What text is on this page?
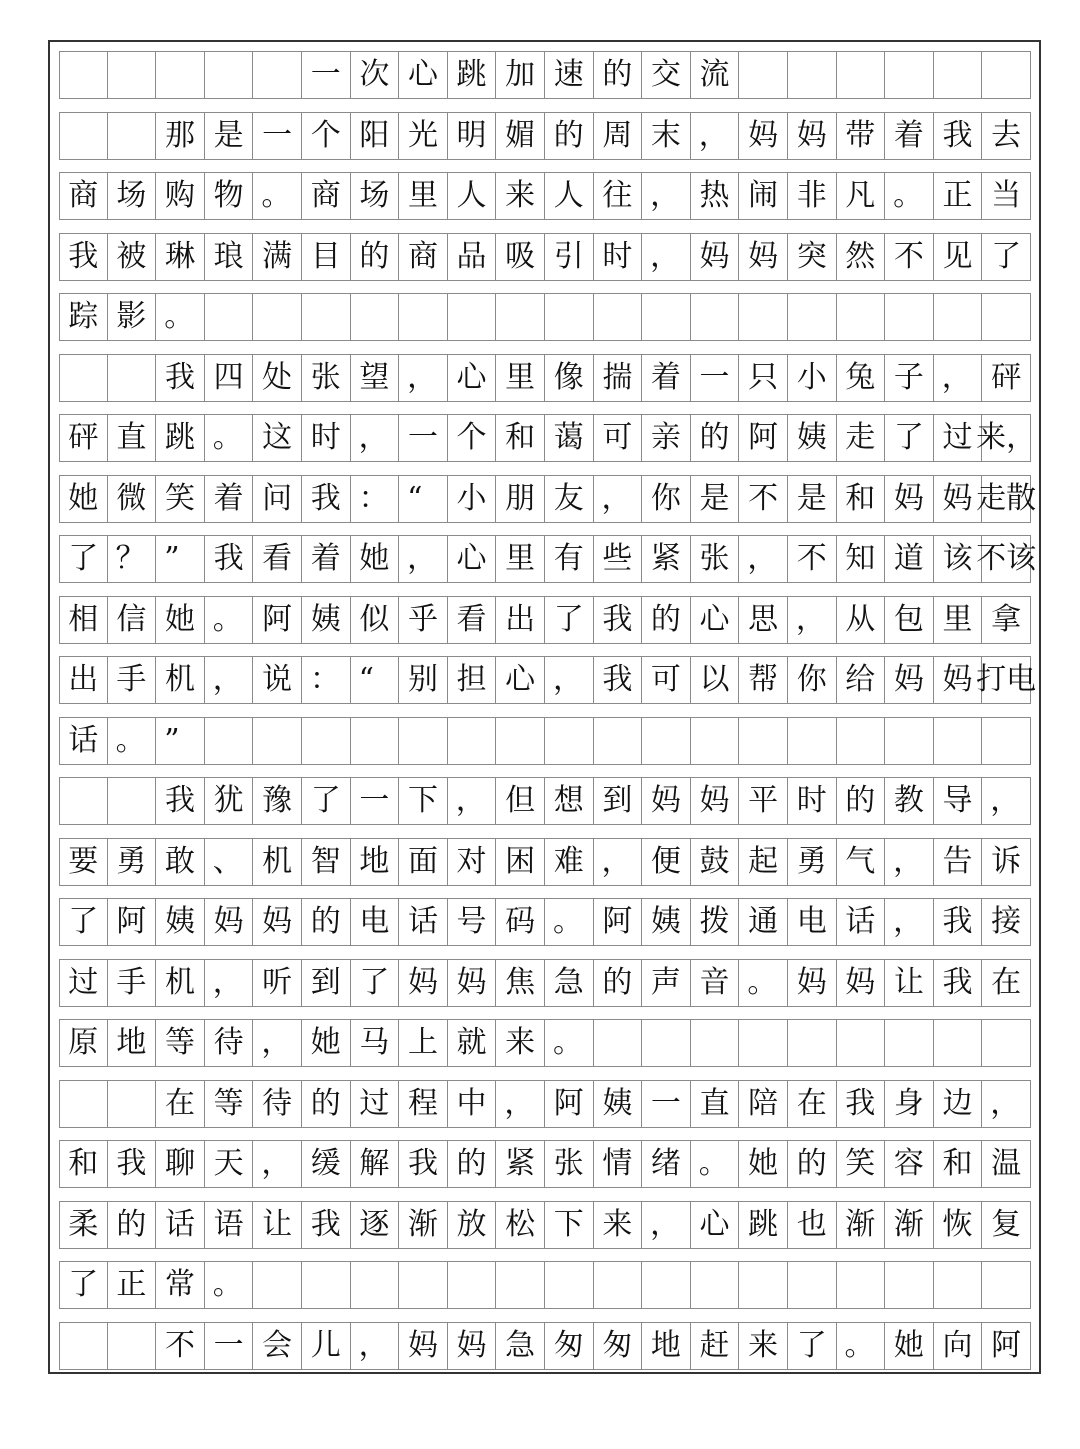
一 次 心 跳 加 速 的 交 流
那 是 一 个 阳 光 明 媚 的 周 末 ， 妈 妈 带 着 我 去
商 场 购 物 。 商 场 里 人 来 人 往 ， 热 闹 非 凡 。 正 当
我 被 琳 琅 满 目 的 商 品 吸 引 时 ， 妈 妈 突 然 不 见 了
踪 影 。
我 四 处 张 望 ， 心 里 像 揣 着 一 只 小 兔 子 ， 砰
砰 直 跳 。 这 时 ， 一 个 和 蔼 可 亲 的 阿 姨 走 了 过 来，
她 微 笑 着 问 我 ： “	小 朋 友 ， 你 是 不 是 和 妈 妈 走散
了 ？ ”	我 看 着 她 ， 心 里 有 些 紧 张 ， 不 知 道 该 不该
相 信 她 。 阿 姨 似 乎 看 出 了 我 的 心 思 ， 从 包 里 拿
出 手 机 ， 说 ： “	别 担 心 ， 我 可 以 帮 你 给 妈 妈 打电
话 。 ”
我 犹 豫 了 一 下 ， 但 想 到 妈 妈 平 时 的 教 导 ，
要 勇 敢 、 机 智 地 面 对 困 难 ， 便 鼓 起 勇 气 ， 告 诉
了 阿 姨 妈 妈 的 电 话 号 码 。 阿 姨 拨 通 电 话 ， 我 接
过 手 机 ， 听 到 了 妈 妈 焦 急 的 声 音 。 妈 妈 让 我 在
原 地 等 待 ， 她 马 上 就 来 。
在 等 待 的 过 程 中 ， 阿 姨 一 直 陪 在 我 身 边 ，
和 我 聊 天 ， 缓 解 我 的 紧 张 情 绪 。 她 的 笑 容 和 温
柔 的 话 语 让 我 逐 渐 放 松 下 来 ， 心 跳 也 渐 渐 恢 复
了 正 常 。
不 一 会 儿 ， 妈 妈 急 匆 匆 地 赶 来 了 。 她 向 阿
